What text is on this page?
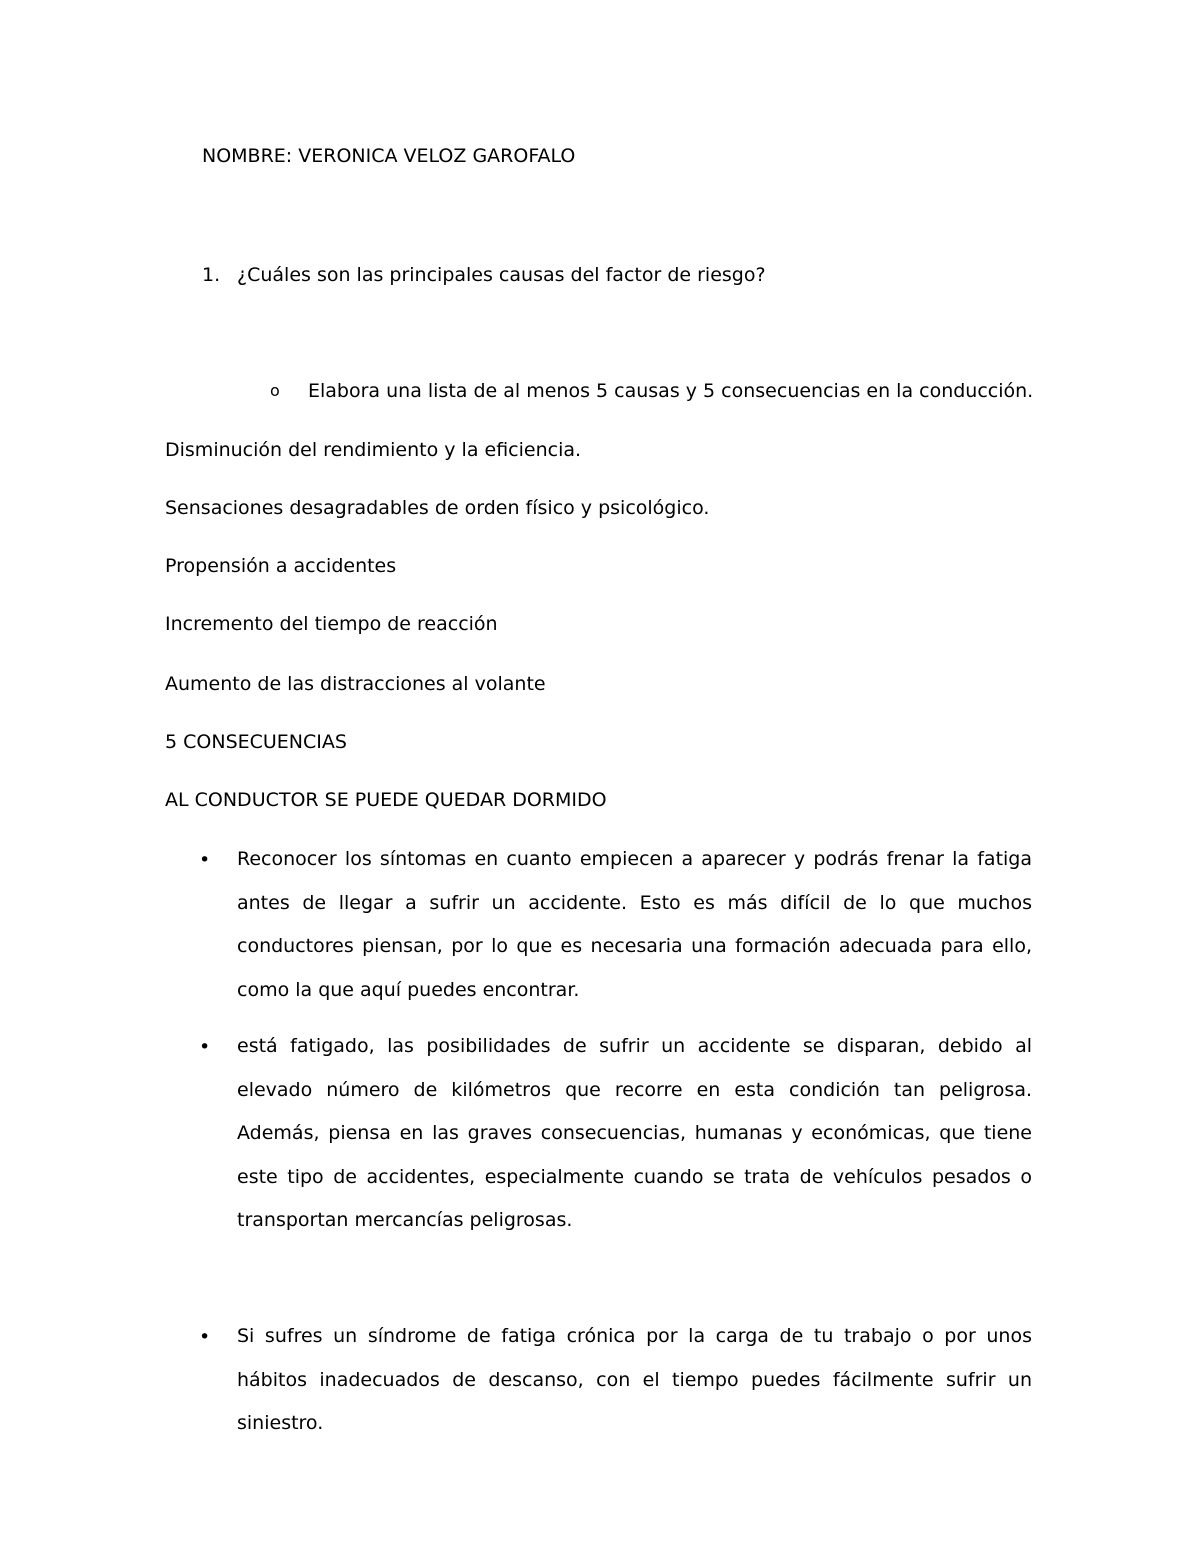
NOMBRE: VERONICA VELOZ GAROFALO
1. ¿Cuáles son las principales causas del factor de riesgo?
o Elabora una lista de al menos 5 causas y 5 consecuencias en la conducción.
Disminución del rendimiento y la eficiencia.
Sensaciones desagradables de orden físico y psicológico.
Propensión a accidentes
Incremento del tiempo de reacción
Aumento de las distracciones al volante
5 CONSECUENCIAS
AL CONDUCTOR SE PUEDE QUEDAR DORMIDO
• Reconocer los síntomas en cuanto empiecen a aparecer y podrás frenar la fatiga antes de llegar a sufrir un accidente. Esto es más difícil de lo que muchos conductores piensan, por lo que es necesaria una formación adecuada para ello, como la que aquí puedes encontrar.
• está fatigado, las posibilidades de sufrir un accidente se disparan, debido al elevado número de kilómetros que recorre en esta condición tan peligrosa. Además, piensa en las graves consecuencias, humanas y económicas, que tiene este tipo de accidentes, especialmente cuando se trata de vehículos pesados o transportan mercancías peligrosas.
• Si sufres un síndrome de fatiga crónica por la carga de tu trabajo o por unos hábitos inadecuados de descanso, con el tiempo puedes fácilmente sufrir un siniestro.
